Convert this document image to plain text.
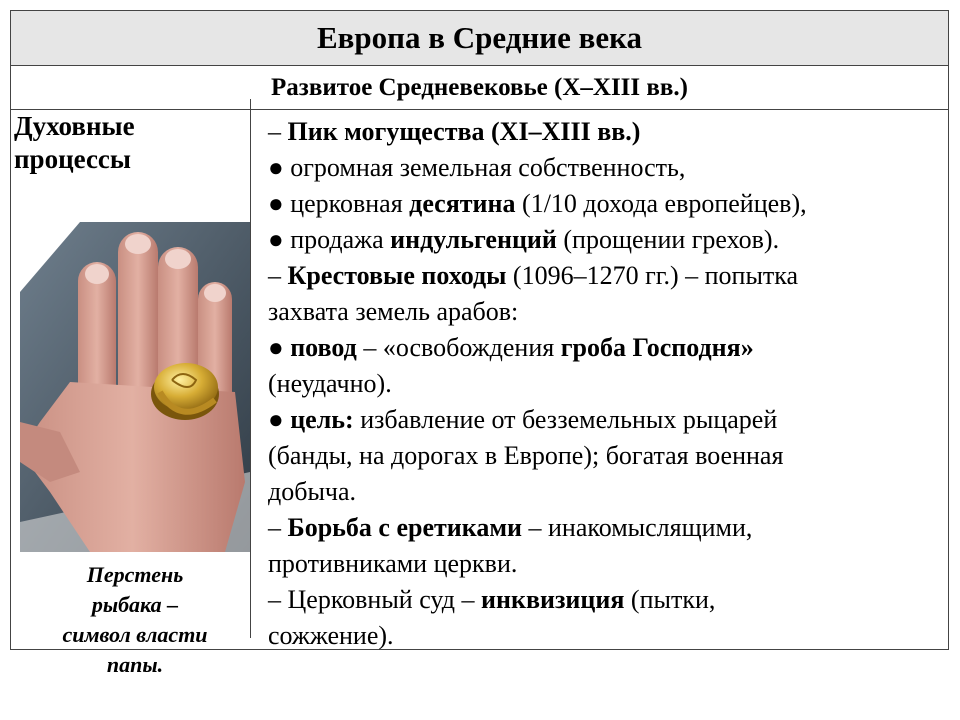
Европа в Средние века
Развитое Средневековье (X–XIII вв.)
Духовные
процессы
Перстень
рыбака –
символ власти
папы.
– Пик могущества (XI–XIII вв.)
● огромная земельная собственность,
● церковная десятина (1/10 дохода европейцев),
● продажа индульгенций (прощении грехов).
– Крестовые походы (1096–1270 гг.) – попытка
захвата земель арабов:
● повод – «освобождения гроба Господня»
(неудачно).
● цель: избавление от безземельных рыцарей
(банды, на дорогах в Европе); богатая военная
добыча.
– Борьба с еретиками – инакомыслящими,
противниками церкви.
– Церковный суд – инквизиция (пытки,
сожжение).
